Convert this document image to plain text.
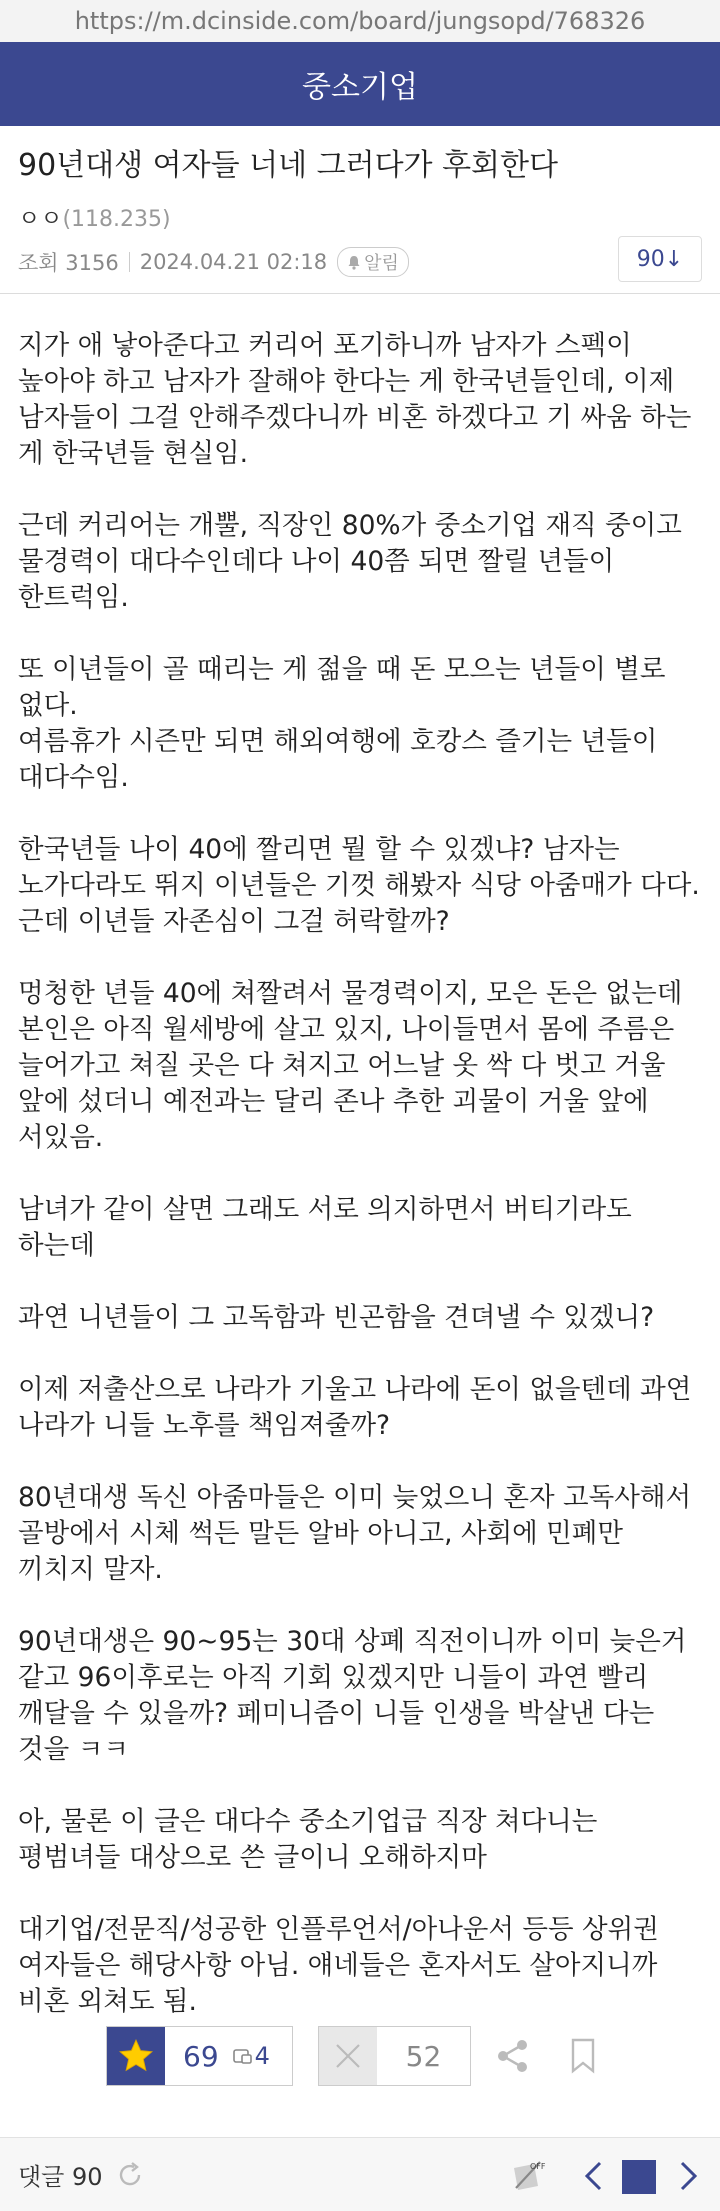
https://m.dcinside.com/board/jungsopd/768326
중소기업
90년대생 여자들 너네 그러다가 후회한다
ㅇㅇ(118.235)
조회 3156 2024.04.21 02:18 알림	90↓

지가 애 낳아준다고 커리어 포기하니까 남자가 스펙이 높아야 하고 남자가 잘해야 한다는 게 한국년들인데, 이제 남자들이 그걸 안해주겠다니까 비혼 하겠다고 기 싸움 하는 게 한국년들 현실임.

근데 커리어는 개뿔, 직장인 80%가 중소기업 재직 중이고 물경력이 대다수인데다 나이 40쯤 되면 짤릴 년들이 한트럭임.

또 이년들이 골 때리는 게 젊을 때 돈 모으는 년들이 별로 없다.
여름휴가 시즌만 되면 해외여행에 호캉스 즐기는 년들이 대다수임.

한국년들 나이 40에 짤리면 뭘 할 수 있겠냐? 남자는 노가다라도 뛰지 이년들은 기껏 해봤자 식당 아줌매가 다다. 근데 이년들 자존심이 그걸 허락할까?

멍청한 년들 40에 쳐짤려서 물경력이지, 모은 돈은 없는데 본인은 아직 월세방에 살고 있지, 나이들면서 몸에 주름은 늘어가고 쳐질 곳은 다 쳐지고 어느날 옷 싹 다 벗고 거울 앞에 섰더니 예전과는 달리 존나 추한 괴물이 거울 앞에 서있음.

남녀가 같이 살면 그래도 서로 의지하면서 버티기라도 하는데

과연 니년들이 그 고독함과 빈곤함을 견뎌낼 수 있겠니?

이제 저출산으로 나라가 기울고 나라에 돈이 없을텐데 과연 나라가 니들 노후를 책임져줄까?

80년대생 독신 아줌마들은 이미 늦었으니 혼자 고독사해서 골방에서 시체 썩든 말든 알바 아니고, 사회에 민폐만 끼치지 말자.

90년대생은 90~95는 30대 상폐 직전이니까 이미 늦은거 같고 96이후로는 아직 기회 있겠지만 니들이 과연 빨리 깨달을 수 있을까? 페미니즘이 니들 인생을 박살낸 다는 것을 ㅋㅋ

아, 물론 이 글은 대다수 중소기업급 직장 쳐다니는 평범녀들 대상으로 쓴 글이니 오해하지마

대기업/전문직/성공한 인플루언서/아나운서 등등 상위권 여자들은 해당사항 아님. 얘네들은 혼자서도 살아지니까 비혼 외쳐도 됨.

69 4	52
댓글 90	OFF
